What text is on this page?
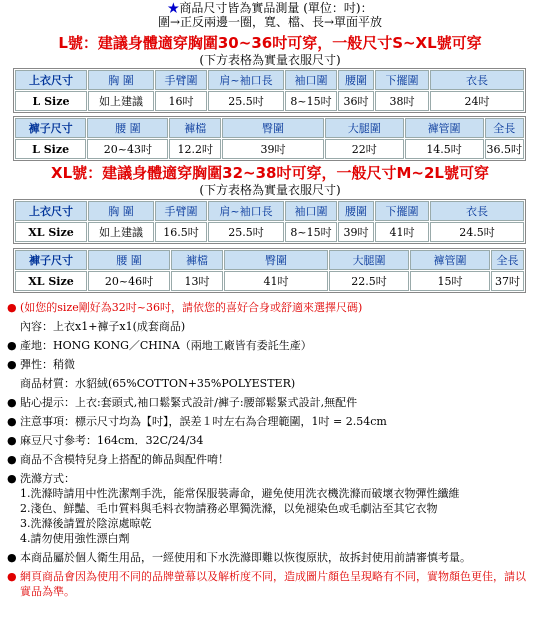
★商品尺寸皆為實品測量 (單位：吋)：
圍→正反兩邊一圈，寬、檔、長→單面平放
L號：建議身體適穿胸圍30~36吋可穿，一般尺寸S~XL號可穿
(下方表格為實量衣服尺寸)
上衣尺寸	胸 圍	手臂圍	肩~袖口長	袖口圍	腰圍	下擺圍	衣長
L Size	如上建議	16吋	25.5吋	8~15吋	36吋	38吋	24吋
褲子尺寸	腰 圍	褲檔	臀圍	大腿圍	褲管圍	全長
L Size	20~43吋	12.2吋	39吋	22吋	14.5吋	36.5吋
XL號：建議身體適穿胸圍32~38吋可穿，一般尺寸M~2L號可穿
(下方表格為實量衣服尺寸)
上衣尺寸	胸 圍	手臂圍	肩~袖口長	袖口圍	腰圍	下擺圍	衣長
XL Size	如上建議	16.5吋	25.5吋	8~15吋	39吋	41吋	24.5吋
褲子尺寸	腰 圍	褲檔	臀圍	大腿圍	褲管圍	全長
XL Size	20~46吋	13吋	41吋	22.5吋	15吋	37吋
● (如您的size剛好為32吋~36吋，請依您的喜好合身或舒適來選擇尺碼)
內容：上衣x1+褲子x1(成套商品)
● 產地：HONG KONG／CHINA（兩地工廠皆有委託生產）
● 彈性：稍微
商品材質：水貂絨(65%COTTON+35%POLYESTER)
● 貼心提示：上衣:套頭式,袖口鬆緊式設計/褲子:腰部鬆緊式設計,無配件
● 注意事項：標示尺寸均為【吋】，誤差１吋左右為合理範圍，1吋 = 2.54cm
● 麻豆尺寸參考：164cm．32C/24/34
● 商品不含模特兒身上搭配的飾品與配件唷！
● 洗滌方式：
1.洗滌時請用中性洗潔劑手洗，能常保服裝壽命，避免使用洗衣機洗滌而破壞衣物彈性纖維
2.淺色、鮮豔、毛巾質料與毛料衣物請務必單獨洗滌，以免褪染色或毛劇沾至其它衣物
3.洗滌後請置於陰涼處晾乾
4.請勿使用強性漂白劑
● 本商品屬於個人衛生用品，一經使用和下水洗滌即難以恢復原狀，故拆封使用前請審慎考量。
● 網頁商品會因為使用不同的品牌螢幕以及解析度不同，造成圖片顏色呈現略有不同，實物顏色更佳，請以實品為準。
